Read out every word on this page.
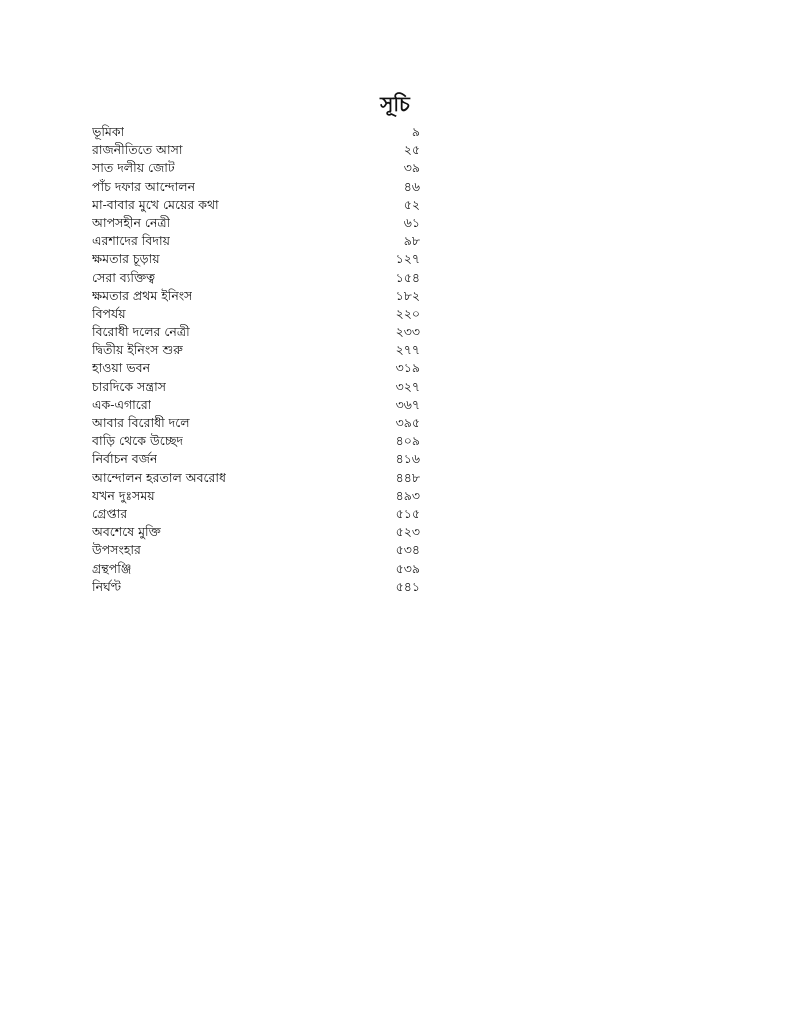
সূচি
ভূমিকা	৯
রাজনীতিতে আসা	২৫
সাত দলীয় জোট	৩৯
পাঁচ দফার আন্দোলন	৪৬
মা-বাবার মুখে মেয়ের কথা	৫২
আপসহীন নেত্রী	৬১
এরশাদের বিদায়	৯৮
ক্ষমতার চূড়ায়	১২৭
সেরা ব্যক্তিত্ব	১৫৪
ক্ষমতার প্রথম ইনিংস	১৮২
বিপর্যয়	২২০
বিরোধী দলের নেত্রী	২৩৩
দ্বিতীয় ইনিংস শুরু	২৭৭
হাওয়া ভবন	৩১৯
চারদিকে সন্ত্রাস	৩২৭
এক-এগারো	৩৬৭
আবার বিরোধী দলে	৩৯৫
বাড়ি থেকে উচ্ছেদ	৪০৯
নির্বাচন বর্জন	৪১৬
আন্দোলন হরতাল অবরোধ	৪৪৮
যখন দুঃসময়	৪৯৩
গ্রেপ্তার	৫১৫
অবশেষে মুক্তি	৫২৩
উপসংহার	৫৩৪
গ্রন্থপঞ্জি	৫৩৯
নির্ঘণ্ট	৫৪১
